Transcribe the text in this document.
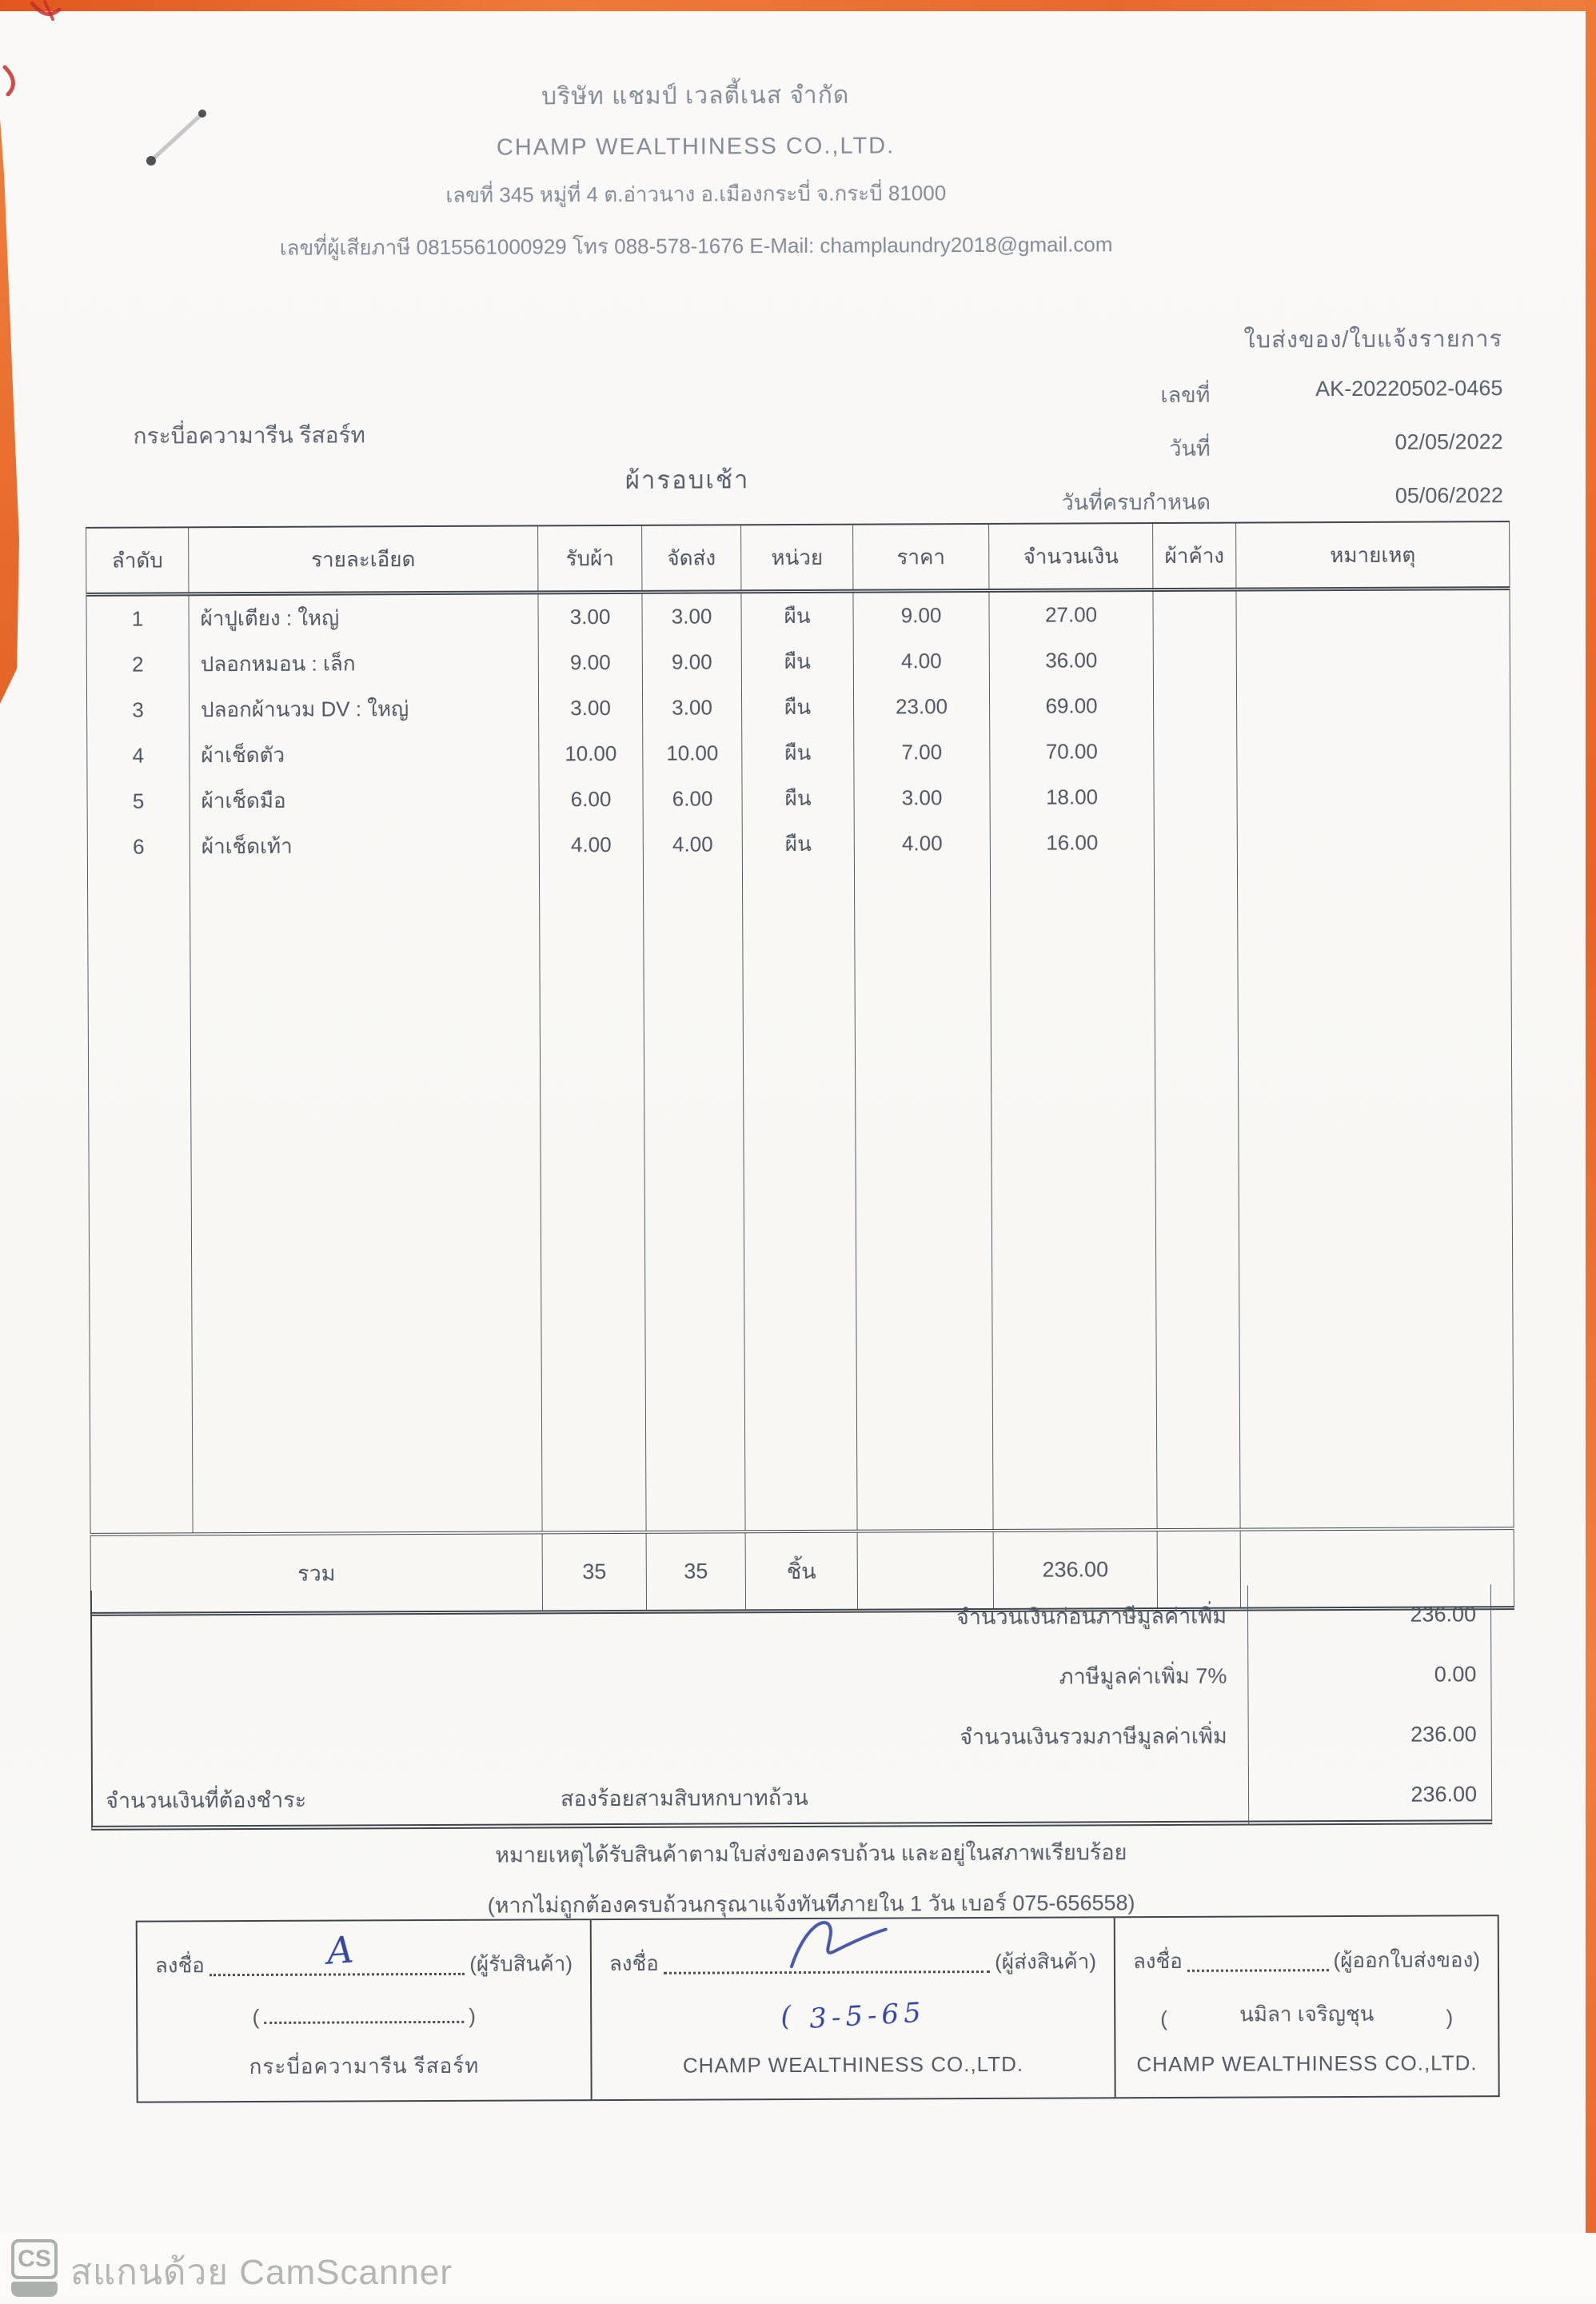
บริษัท แชมป์ เวลตี้เนส จำกัด
CHAMP WEALTHINESS CO.,LTD.
เลขที่ 345 หมู่ที่ 4 ต.อ่าวนาง อ.เมืองกระบี่ จ.กระบี่ 81000
เลขที่ผู้เสียภาษี 0815561000929 โทร 088-578-1676 E-Mail: champlaundry2018@gmail.com
ใบส่งของ/ใบแจ้งรายการ
เลขที่	AK-20220502-0465
วันที่	02/05/2022
วันที่ครบกำหนด	05/06/2022
กระบี่อความารีน รีสอร์ท
ผ้ารอบเช้า
ลำดับ	รายละเอียด	รับผ้า	จัดส่ง	หน่วย	ราคา	จำนวนเงิน	ผ้าค้าง	หมายเหตุ
1	ผ้าปูเตียง : ใหญ่	3.00	3.00	ผืน	9.00	27.00		
2	ปลอกหมอน : เล็ก	9.00	9.00	ผืน	4.00	36.00		
3	ปลอกผ้านวม DV : ใหญ่	3.00	3.00	ผืน	23.00	69.00		
4	ผ้าเช็ดตัว	10.00	10.00	ผืน	7.00	70.00		
5	ผ้าเช็ดมือ	6.00	6.00	ผืน	3.00	18.00		
6	ผ้าเช็ดเท้า	4.00	4.00	ผืน	4.00	16.00		

รวม		35	35	ชิ้น		236.00		
จำนวนเงินก่อนภาษีมูลค่าเพิ่ม	236.00
ภาษีมูลค่าเพิ่ม 7%	0.00
จำนวนเงินรวมภาษีมูลค่าเพิ่ม	236.00
จำนวนเงินที่ต้องชำระ	สองร้อยสามสิบหกบาทถ้วน	236.00
หมายเหตุได้รับสินค้าตามใบส่งของครบถ้วน และอยู่ในสภาพเรียบร้อย
(หากไม่ถูกต้องครบถ้วนกรุณาแจ้งทันทีภายใน 1 วัน เบอร์ 075-656558)
ลงชื่อ	A	(ผู้รับสินค้า)
(	)
กระบี่อความารีน รีสอร์ท
ลงชื่อ	(ผู้ส่งสินค้า)
(
3-5-65
CHAMP WEALTHINESS CO.,LTD.
ลงชื่อ	(ผู้ออกใบส่งของ)
(	นมิลา เจริญชุน	)
CHAMP WEALTHINESS CO.,LTD.
CS สแกนด้วย CamScanner
